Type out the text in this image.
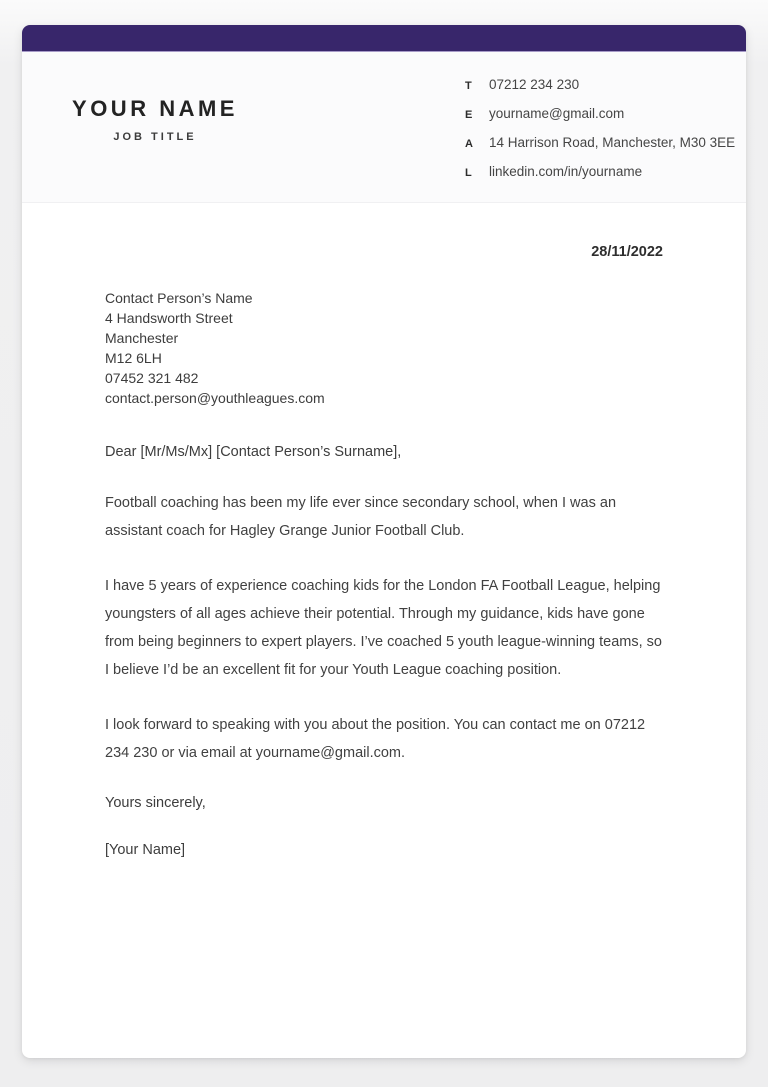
YOUR NAME
JOB TITLE
T	07212 234 230
E	yourname@gmail.com
A	14 Harrison Road, Manchester, M30 3EE
L	linkedin.com/in/yourname
28/11/2022
Contact Person’s Name
4 Handsworth Street
Manchester
M12 6LH
07452 321 482
contact.person@youthleagues.com
Dear [Mr/Ms/Mx] [Contact Person’s Surname],

Football coaching has been my life ever since secondary school, when I was an assistant coach for Hagley Grange Junior Football Club.

I have 5 years of experience coaching kids for the London FA Football League, helping youngsters of all ages achieve their potential. Through my guidance, kids have gone from being beginners to expert players. I’ve coached 5 youth league-winning teams, so I believe I’d be an excellent fit for your Youth League coaching position.

I look forward to speaking with you about the position. You can contact me on 07212 234 230 or via email at yourname@gmail.com.

Yours sincerely,
[Your Name]
